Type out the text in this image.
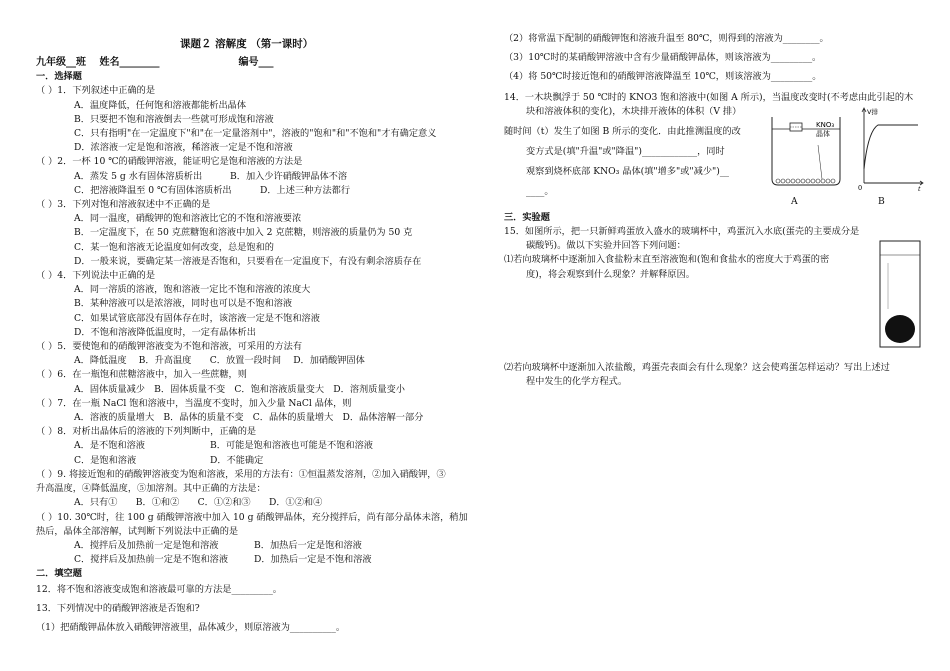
课题２ 溶解度 （第一课时）
九年级__班　 姓名________	编号___
一．选择题
（ ）1．下列叙述中正确的是
A．温度降低，任何饱和溶液都能析出晶体
B．只要把不饱和溶液倒去一些就可形成饱和溶液
C．只有指明"在一定温度下"和"在一定量溶剂中"，溶液的"饱和"和"不饱和"才有确定意义
D．浓溶液一定是饱和溶液，稀溶液一定是不饱和溶液
（ ）2．一杯 10 ℃的硝酸钾溶液，能证明它是饱和溶液的方法是
A．蒸发 5 g 水有固体溶质析出	B．加入少许硝酸钾晶体不溶
C．把溶液降温至 0 ℃有固体溶质析出	D．上述三种方法都行
（ ）3．下列对饱和溶液叙述中不正确的是
A．同一温度，硝酸钾的饱和溶液比它的不饱和溶液要浓
B．一定温度下，在 50 克蔗糖饱和溶液中加入 2 克蔗糖，则溶液的质量仍为 50 克
C．某一饱和溶液无论温度如何改变，总是饱和的
D．一般来说，要确定某一溶液是否饱和，只要看在一定温度下，有没有剩余溶质存在
（ ）4．下列说法中正确的是
A．同一溶质的溶液，饱和溶液一定比不饱和溶液的浓度大
B．某种溶液可以是浓溶液，同时也可以是不饱和溶液
C．如果试管底部没有固体存在时，该溶液一定是不饱和溶液
D．不饱和溶液降低温度时，一定有晶体析出
（ ）5．要使饱和的硝酸钾溶液变为不饱和溶液，可采用的方法有
A．降低温度　 B．升高温度　　C．放置一段时间　 D．加硝酸钾固体
（ ）6．在一瓶饱和蔗糖溶液中，加入一些蔗糖，则
A．固体质量减少　B．固体质量不变　C．饱和溶液质量变大　D．溶剂质量变小
（ ）7．在一瓶 NaCl 饱和溶液中，当温度不变时，加入少量 NaCl 晶体，则
A．溶液的质量增大　B．晶体的质量不变　C．晶体的质量增大　D．晶体溶解一部分
（ ）8．对析出晶体后的溶液的下列判断中，正确的是
A．是不饱和溶液	B．可能是饱和溶液也可能是不饱和溶液
C．是饱和溶液	D．不能确定
（ ）9. 将接近饱和的硝酸钾溶液变为饱和溶液，采用的方法有：①恒温蒸发溶剂，②加入硝酸钾，③
升高温度，④降低温度，⑤加溶剂。其中正确的方法是：
A．只有①　　B．①和②　　C．①②和③　　D．①②和④
（ ）10. 30℃时，往 100 g 硝酸钾溶液中加入 10 g 硝酸钾晶体，充分搅拌后，尚有部分晶体未溶，稍加
热后，晶体全部溶解，试判断下列说法中正确的是
A．搅拌后及加热前一定是饱和溶液	B．加热后一定是饱和溶液
C．搅拌后及加热前一定是不饱和溶液	D．加热后一定是不饱和溶液
二．填空题
12．将不饱和溶液变成饱和溶液最可靠的方法是_________。
13．下列情况中的硝酸钾溶液是否饱和?
（1）把硝酸钾晶体放入硝酸钾溶液里，晶体减少，则原溶液为__________。
（2）将常温下配制的硝酸钾饱和溶液升温至 80℃，则得到的溶液为________。
（3）10℃时的某硝酸钾溶液中含有少量硝酸钾晶体，则该溶液为_________。
（4）将 50℃时接近饱和的硝酸钾溶液降温至 10℃，则该溶液为_________。
14．一木块飘浮于 50 ℃时的 KNO3 饱和溶液中(如图 A 所示)，当温度改变时(不考虑由此引起的木
块和溶液体积的变化)，木块排开液体的体积（V 排）
随时间（t）发生了如图 B 所示的变化．由此推测温度的改
变方式是(填"升温"或"降温")____________，同时
观察到烧杯底部 KNO₃ 晶体(填"增多"或"减少")__
____。
KNO₃
晶体
V排
t
0
A	B
三．实验题
15．如图所示，把一只新鲜鸡蛋放入盛水的玻璃杯中，鸡蛋沉入水底(蛋壳的主要成分是
碳酸钙)。做以下实验并回答下列问题：
⑴若向玻璃杯中逐渐加入食盐粉末直至溶液饱和(饱和食盐水的密度大于鸡蛋的密
度)，将会观察到什么现象？并解释原因。
⑵若向玻璃杯中逐渐加入浓盐酸，鸡蛋壳表面会有什么现象？这会使鸡蛋怎样运动？写出上述过
程中发生的化学方程式。
